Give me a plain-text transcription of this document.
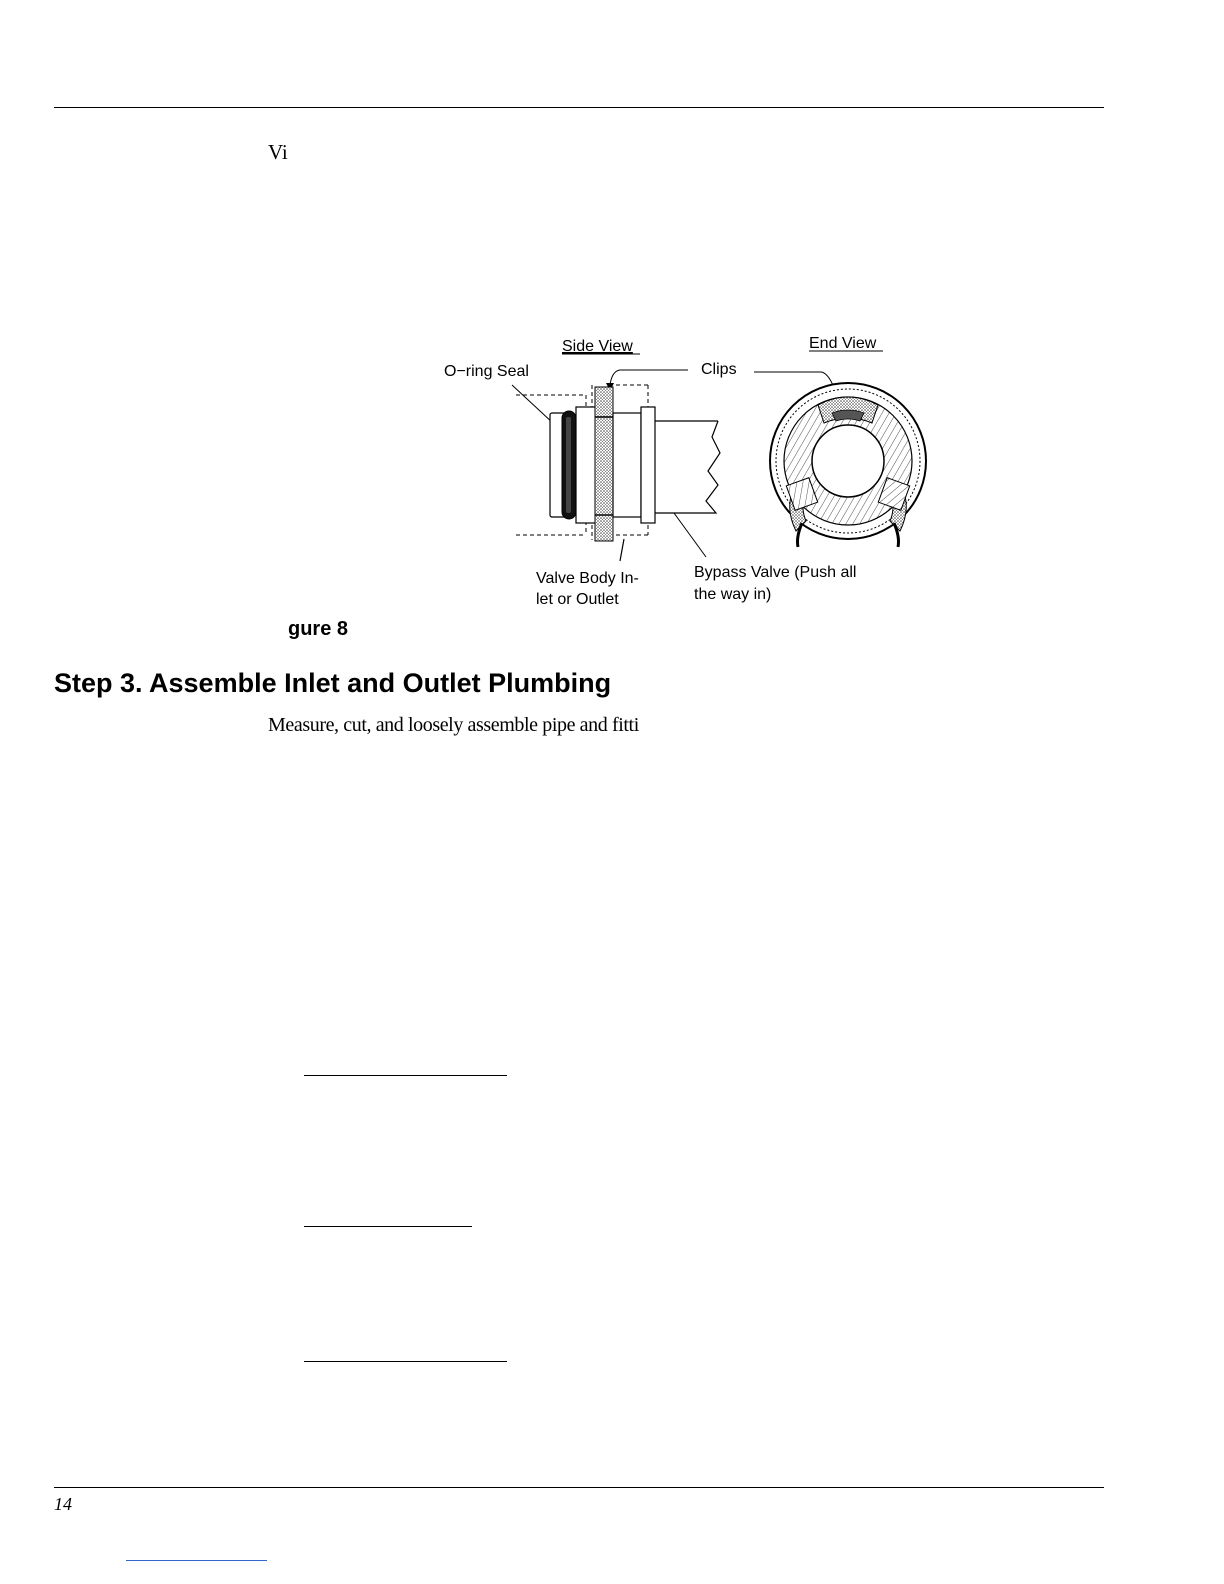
Vi
Side View	End View
O−ring Seal	Clips
Valve Body In-
let or Outlet
Bypass Valve (Push all
the way in)
gure 8
Step 3. Assemble Inlet and Outlet Plumbing
Measure, cut, and loosely assemble pipe and fitti
14
